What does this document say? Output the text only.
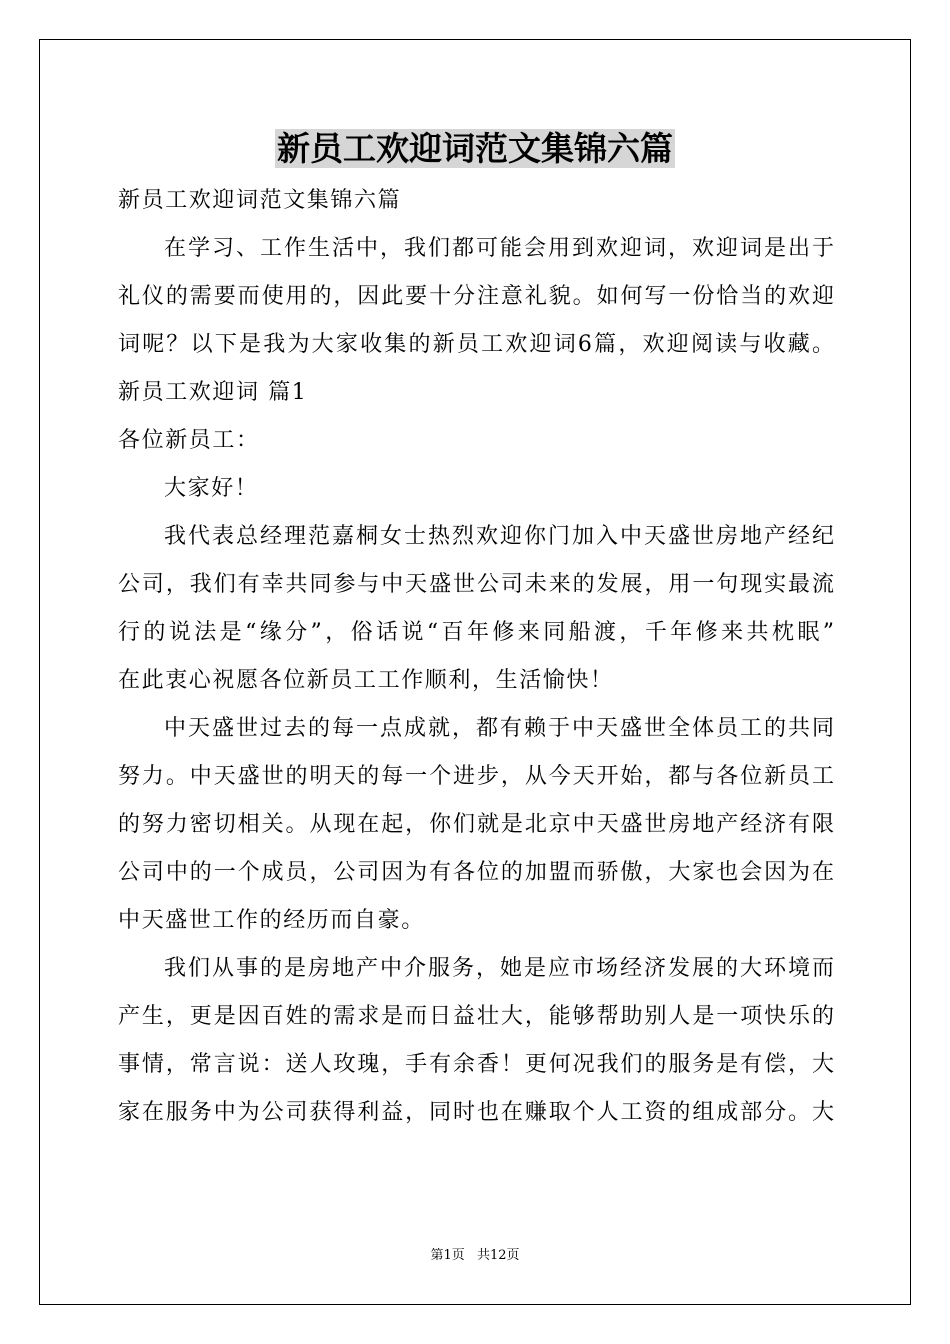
新员工欢迎词范文集锦六篇
新员工欢迎词范文集锦六篇
在学习、工作生活中，我们都可能会用到欢迎词，欢迎词是出于
礼仪的需要而使用的，因此要十分注意礼貌。如何写一份恰当的欢迎
词呢？以下是我为大家收集的新员工欢迎词6篇，欢迎阅读与收藏。
新员工欢迎词 篇1
各位新员工：
大家好！
我代表总经理范嘉桐女士热烈欢迎你门加入中天盛世房地产经纪
公司，我们有幸共同参与中天盛世公司未来的发展，用一句现实最流
行的说法是“缘分”，俗话说“百年修来同船渡，千年修来共枕眠”
在此衷心祝愿各位新员工工作顺利，生活愉快！
中天盛世过去的每一点成就，都有赖于中天盛世全体员工的共同
努力。中天盛世的明天的每一个进步，从今天开始，都与各位新员工
的努力密切相关。从现在起，你们就是北京中天盛世房地产经济有限
公司中的一个成员，公司因为有各位的加盟而骄傲，大家也会因为在
中天盛世工作的经历而自豪。
我们从事的是房地产中介服务，她是应市场经济发展的大环境而
产生，更是因百姓的需求是而日益壮大，能够帮助别人是一项快乐的
事情，常言说：送人玫瑰，手有余香！更何况我们的服务是有偿，大
家在服务中为公司获得利益，同时也在赚取个人工资的组成部分。大
第1页 共12页
